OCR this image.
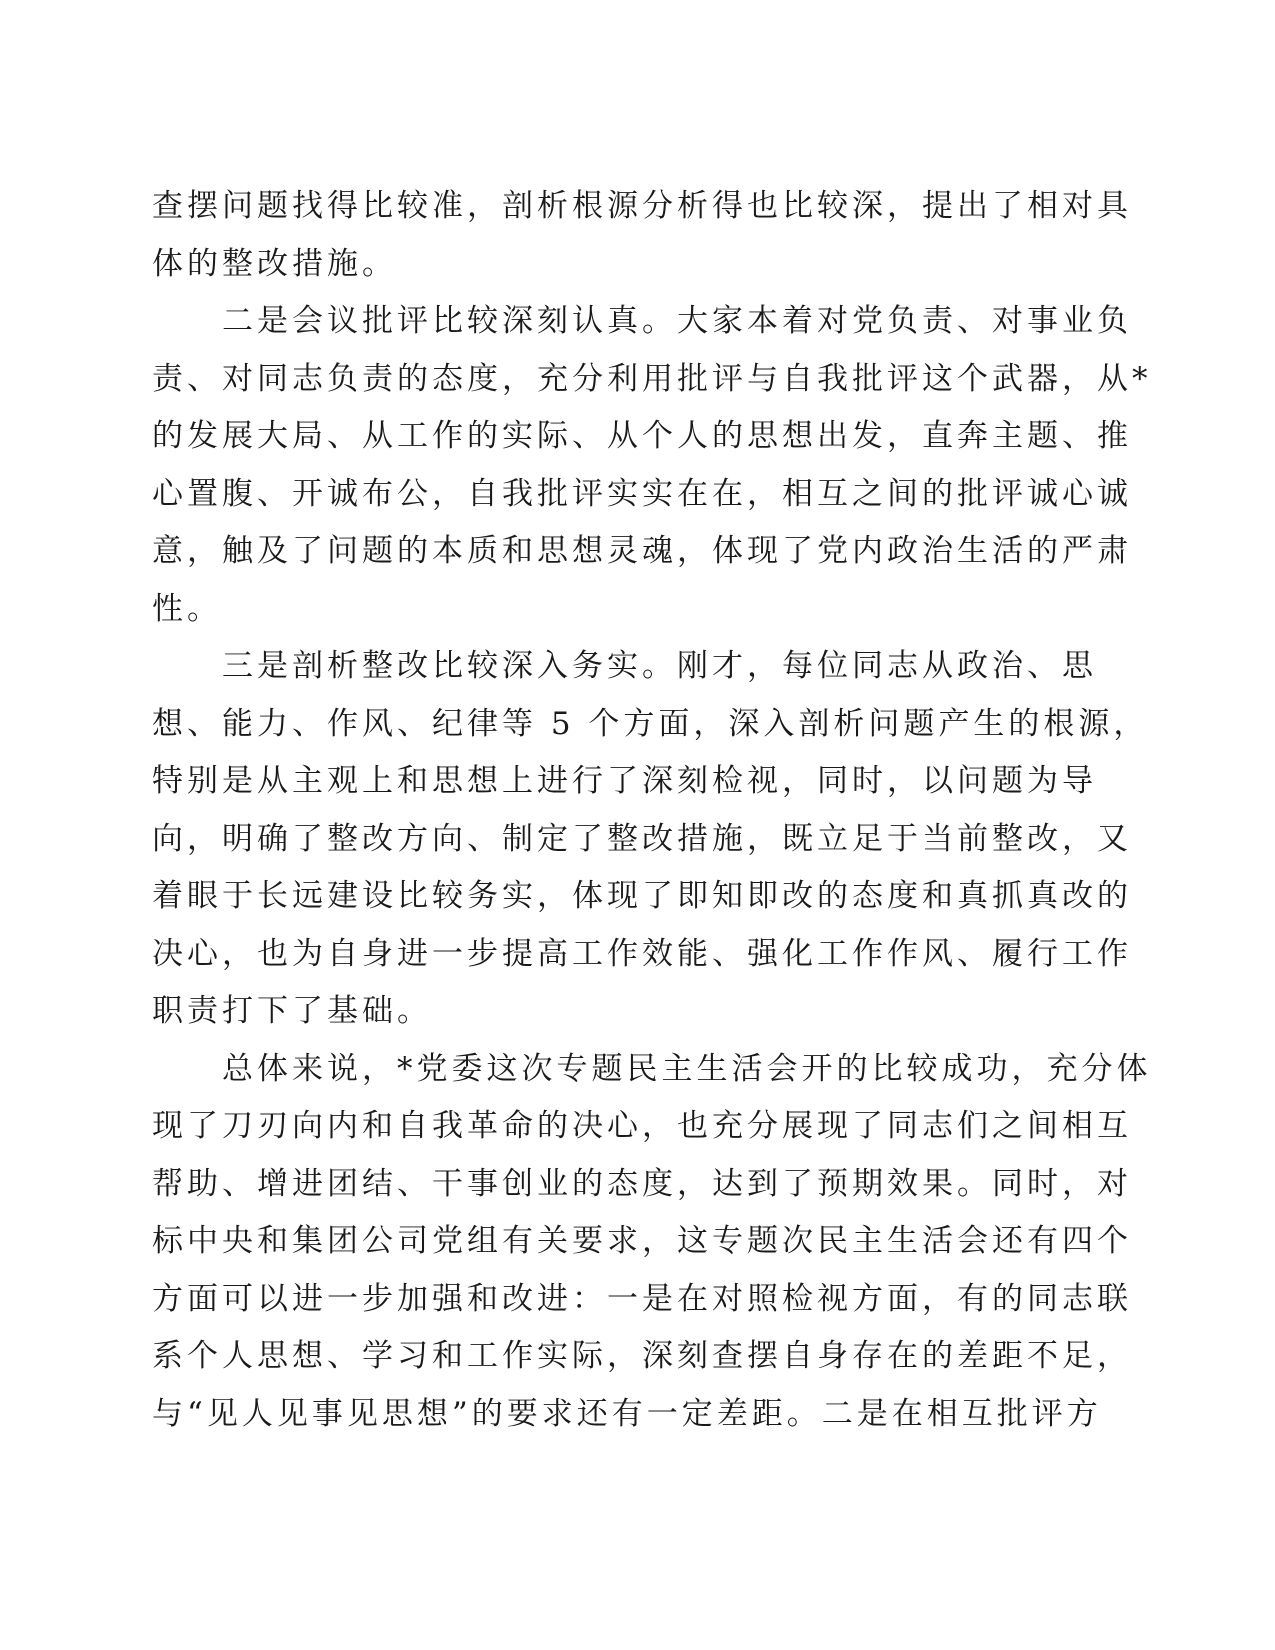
查摆问题找得比较准，剖析根源分析得也比较深，提出了相对具
体的整改措施。
　　二是会议批评比较深刻认真。大家本着对党负责、对事业负
责、对同志负责的态度，充分利用批评与自我批评这个武器，从*
的发展大局、从工作的实际、从个人的思想出发，直奔主题、推
心置腹、开诚布公，自我批评实实在在，相互之间的批评诚心诚
意，触及了问题的本质和思想灵魂，体现了党内政治生活的严肃
性。
　　三是剖析整改比较深入务实。刚才，每位同志从政治、思
想、能力、作风、纪律等 5 个方面，深入剖析问题产生的根源，
特别是从主观上和思想上进行了深刻检视，同时，以问题为导
向，明确了整改方向、制定了整改措施，既立足于当前整改，又
着眼于长远建设比较务实，体现了即知即改的态度和真抓真改的
决心，也为自身进一步提高工作效能、强化工作作风、履行工作
职责打下了基础。
　　总体来说，*党委这次专题民主生活会开的比较成功，充分体
现了刀刃向内和自我革命的决心，也充分展现了同志们之间相互
帮助、增进团结、干事创业的态度，达到了预期效果。同时，对
标中央和集团公司党组有关要求，这专题次民主生活会还有四个
方面可以进一步加强和改进：一是在对照检视方面，有的同志联
系个人思想、学习和工作实际，深刻查摆自身存在的差距不足，
与“见人见事见思想”的要求还有一定差距。二是在相互批评方
